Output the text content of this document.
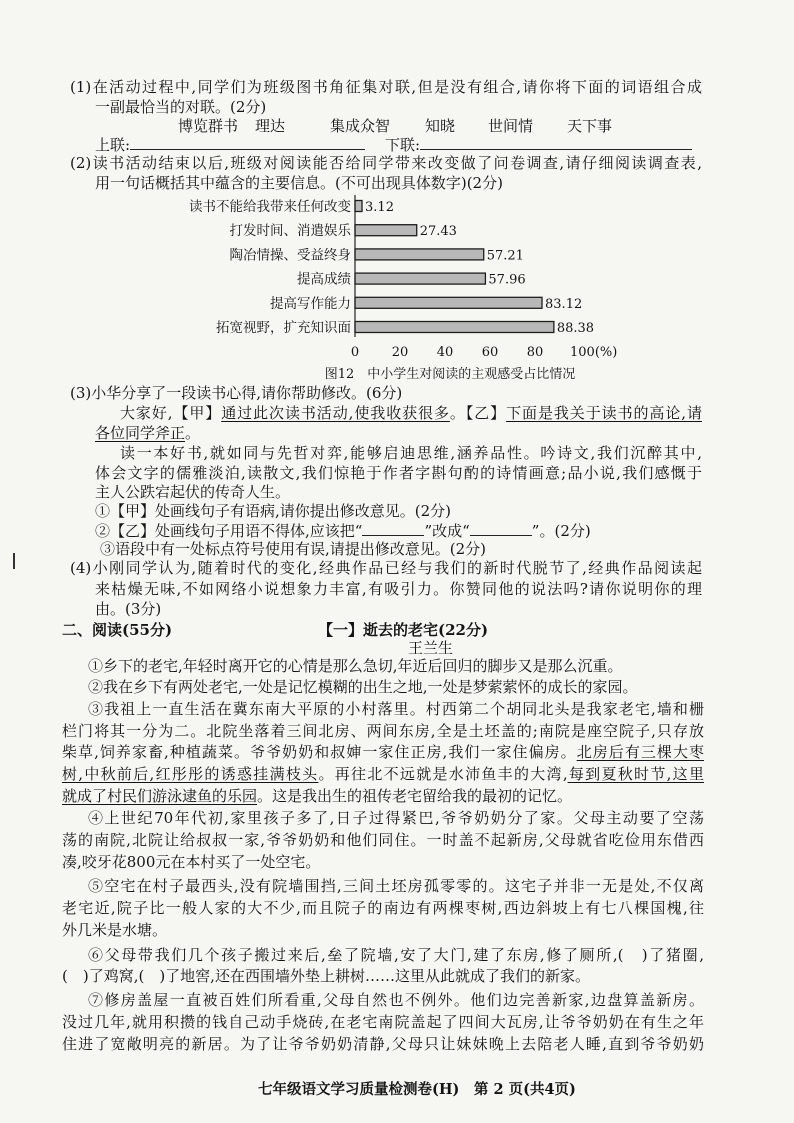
(1)在活动过程中,同学们为班级图书角征集对联,但是没有组合,请你将下面的词语组合成
一副最恰当的对联。(2分)
博览群书 理达	集成众智 知晓 世间情 天下事
上联:	下联:
(2)读书活动结束以后,班级对阅读能否给同学带来改变做了问卷调查,请仔细阅读调查表,
用一句话概括其中蕴含的主要信息。(不可出现具体数字)(2分)
读书不能给我带来任何改变 3.12
打发时间、消遣娱乐	27.43
陶冶情操、受益终身	57.21
提高成绩	57.96
提高写作能力	83.12
拓宽视野，扩充知识面	88.38
0	20 40 60 80 100(%)
图12　中小学生对阅读的主观感受占比情况
(3)小华分享了一段读书心得,请你帮助修改。(6分)
大家好,【甲】通过此次读书活动,使我收获很多。【乙】下面是我关于读书的高论,请
各位同学斧正。
读一本好书,就如同与先哲对弈,能够启迪思维,涵养品性。吟诗文,我们沉醉其中,
体会文字的儒雅淡泊,读散文,我们惊艳于作者字斟句酌的诗情画意;品小说,我们感慨于
主人公跌宕起伏的传奇人生。
①【甲】处画线句子有语病,请你提出修改意见。(2分)
②【乙】处画线句子用语不得体,应该把“	”改成“	”。(2分)
③语段中有一处标点符号使用有误,请提出修改意见。(2分)
(4)小刚同学认为,随着时代的变化,经典作品已经与我们的新时代脱节了,经典作品阅读起
来枯燥无味,不如网络小说想象力丰富,有吸引力。你赞同他的说法吗?请你说明你的理
由。(3分)
二、阅读(55分)	【一】逝去的老宅(22分)
王兰生
①乡下的老宅,年轻时离开它的心情是那么急切,年近后回归的脚步又是那么沉重。
②我在乡下有两处老宅,一处是记忆模糊的出生之地,一处是梦萦萦怀的成长的家园。
③我祖上一直生活在冀东南大平原的小村落里。村西第二个胡同北头是我家老宅,墙和栅
栏门将其一分为二。北院坐落着三间北房、两间东房,全是土坯盖的;南院是座空院子,只存放
柴草,饲养家畜,种植蔬菜。爷爷奶奶和叔婶一家住正房,我们一家住偏房。北房后有三棵大枣
树,中秋前后,红彤彤的诱惑挂满枝头。再往北不远就是水沛鱼丰的大湾,每到夏秋时节,这里
就成了村民们游泳逮鱼的乐园。这是我出生的祖传老宅留给我的最初的记忆。
④上世纪70年代初,家里孩子多了,日子过得紧巴,爷爷奶奶分了家。父母主动要了空荡
荡的南院,北院让给叔叔一家,爷爷奶奶和他们同住。一时盖不起新房,父母就省吃俭用东借西
凑,咬牙花800元在本村买了一处空宅。
⑤空宅在村子最西头,没有院墙围挡,三间土坯房孤零零的。这宅子并非一无是处,不仅离
老宅近,院子比一般人家的大不少,而且院子的南边有两棵枣树,西边斜坡上有七八棵国槐,往
外几米是水塘。
⑥父母带我们几个孩子搬过来后,垒了院墙,安了大门,建了东房,修了厕所,(　)了猪圈,
(　)了鸡窝,(　)了地窖,还在西围墙外垫上耕树……这里从此就成了我们的新家。
⑦修房盖屋一直被百姓们所看重,父母自然也不例外。他们边完善新家,边盘算盖新房。
没过几年,就用积攒的钱自己动手烧砖,在老宅南院盖起了四间大瓦房,让爷爷奶奶在有生之年
住进了宽敞明亮的新居。为了让爷爷奶奶清静,父母只让妹妹晚上去陪老人睡,直到爷爷奶奶
七年级语文学习质量检测卷(H)　第 2 页(共4页)
